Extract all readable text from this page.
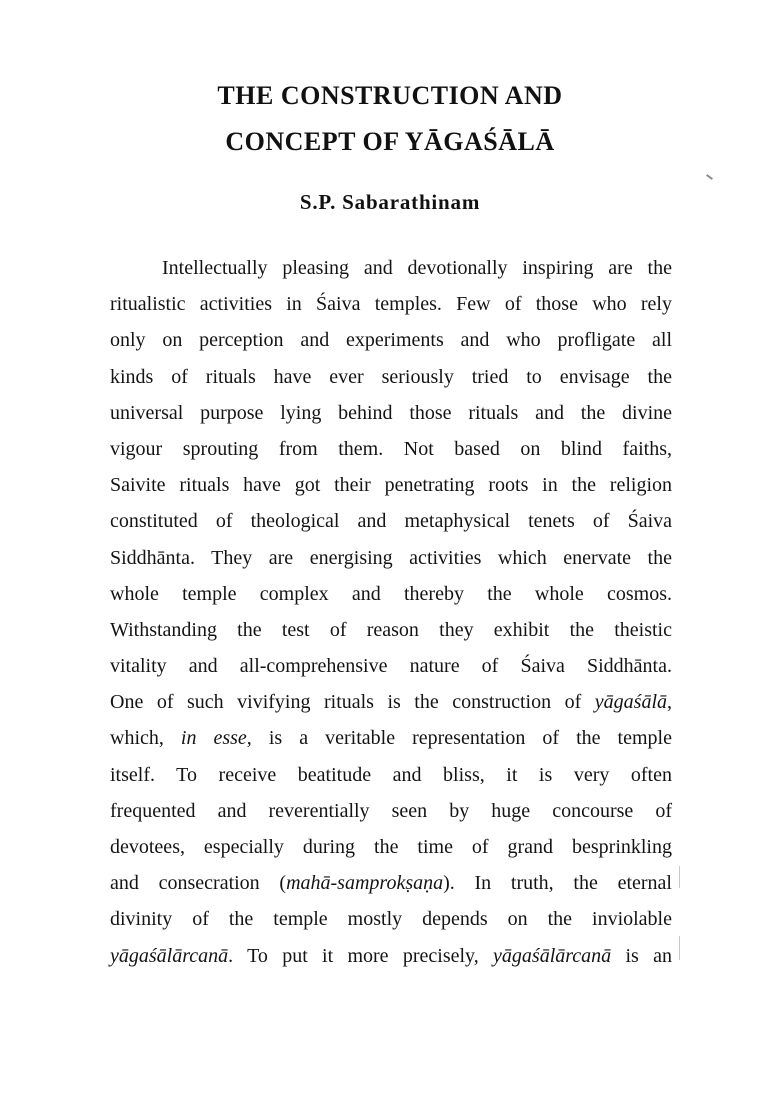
THE CONSTRUCTION AND
CONCEPT OF YĀGAŚĀLĀ
S.P. Sabarathinam
Intellectually pleasing and devotionally inspiring are the
ritualistic activities in Śaiva temples. Few of those who rely
only on perception and experiments and who profligate all
kinds of rituals have ever seriously tried to envisage the
universal purpose lying behind those rituals and the divine
vigour sprouting from them. Not based on blind faiths,
Saivite rituals have got their penetrating roots in the religion
constituted of theological and metaphysical tenets of Śaiva
Siddhānta. They are energising activities which enervate the
whole temple complex and thereby the whole cosmos.
Withstanding the test of reason they exhibit the theistic
vitality and all-comprehensive nature of Śaiva Siddhānta.
One of such vivifying rituals is the construction of yāgaśālā,
which, in esse, is a veritable representation of the temple
itself. To receive beatitude and bliss, it is very often
frequented and reverentially seen by huge concourse of
devotees, especially during the time of grand besprinkling
and consecration (mahā-samprokṣaṇa). In truth, the eternal
divinity of the temple mostly depends on the inviolable
yāgaśālārcanā. To put it more precisely, yāgaśālārcanā is an
